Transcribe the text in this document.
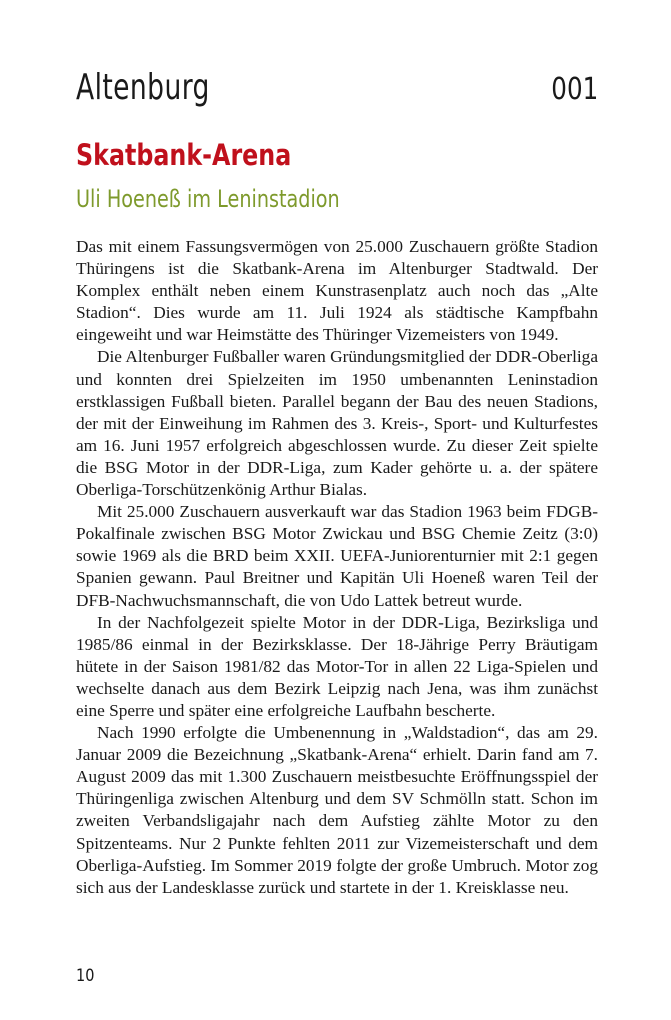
Altenburg	001
Skatbank-Arena
Uli Hoeneß im Leninstadion

Das mit einem Fassungsvermögen von 25.000 Zuschauern größte Stadion Thüringens ist die Skatbank-Arena im Altenburger Stadtwald. Der Komplex enthält neben einem Kunstrasenplatz auch noch das „Alte Stadion“. Dies wurde am 11. Juli 1924 als städtische Kampfbahn eingeweiht und war Heimstätte des Thüringer Vizemeisters von 1949.

Die Altenburger Fußballer waren Gründungsmitglied der DDR-Oberliga und konnten drei Spielzeiten im 1950 umbenannten Leninstadion erstklassigen Fußball bieten. Parallel begann der Bau des neuen Stadions, der mit der Einweihung im Rahmen des 3. Kreis-, Sport- und Kulturfestes am 16. Juni 1957 erfolgreich abgeschlossen wurde. Zu dieser Zeit spielte die BSG Motor in der DDR-Liga, zum Kader gehörte u. a. der spätere Oberliga-Torschützenkönig Arthur Bialas.

Mit 25.000 Zuschauern ausverkauft war das Stadion 1963 beim FDGB-Pokalfinale zwischen BSG Motor Zwickau und BSG Chemie Zeitz (3:0) sowie 1969 als die BRD beim XXII. UEFA-Juniorenturnier mit 2:1 gegen Spanien gewann. Paul Breitner und Kapitän Uli Hoeneß waren Teil der DFB-Nachwuchsmannschaft, die von Udo Lattek betreut wurde.

In der Nachfolgezeit spielte Motor in der DDR-Liga, Bezirksliga und 1985/86 einmal in der Bezirksklasse. Der 18-Jährige Perry Bräutigam hütete in der Saison 1981/82 das Motor-Tor in allen 22 Liga-Spielen und wechselte danach aus dem Bezirk Leipzig nach Jena, was ihm zunächst eine Sperre und später eine erfolgreiche Laufbahn bescherte.

Nach 1990 erfolgte die Umbenennung in „Waldstadion“, das am 29. Januar 2009 die Bezeichnung „Skatbank-Arena“ erhielt. Darin fand am 7. August 2009 das mit 1.300 Zuschauern meistbesuchte Eröffnungsspiel der Thüringenliga zwischen Altenburg und dem SV Schmölln statt. Schon im zweiten Verbandsligajahr nach dem Aufstieg zählte Motor zu den Spitzenteams. Nur 2 Punkte fehlten 2011 zur Vizemeisterschaft und dem Oberliga-Aufstieg. Im Sommer 2019 folgte der große Umbruch. Motor zog sich aus der Landesklasse zurück und startete in der 1. Kreisklasse neu.

10
